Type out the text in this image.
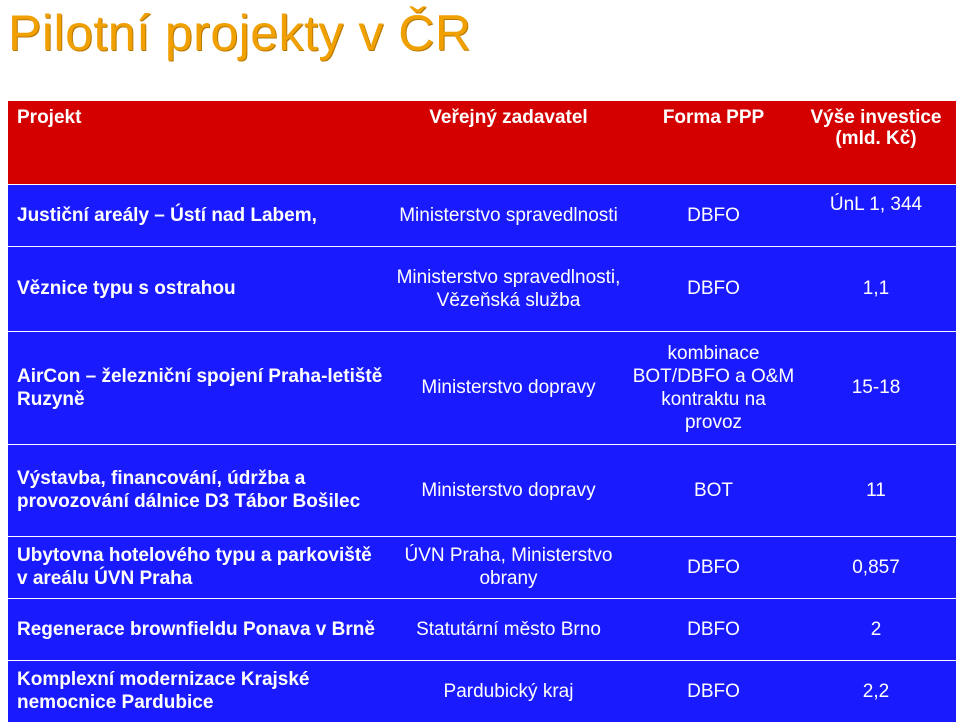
Pilotní projekty v ČR
Projekt	Veřejný zadavatel	Forma PPP	Výše investice (mld. Kč)
Justiční areály – Ústí nad Labem,	Ministerstvo spravedlnosti	DBFO	ÚnL 1, 344
Věznice typu s ostrahou	Ministerstvo spravedlnosti, Vězeňská služba	DBFO	1,1
AirCon – železniční spojení Praha-letiště Ruzyně	Ministerstvo dopravy	kombinace BOT/DBFO a O&M kontraktu na provoz	15-18
Výstavba, financování, údržba a provozování dálnice D3 Tábor Bošilec	Ministerstvo dopravy	BOT	11
Ubytovna hotelového typu a parkoviště v areálu ÚVN Praha	ÚVN Praha, Ministerstvo obrany	DBFO	0,857
Regenerace brownfieldu Ponava v Brně	Statutární město Brno	DBFO	2
Komplexní modernizace Krajské nemocnice Pardubice	Pardubický kraj	DBFO	2,2
